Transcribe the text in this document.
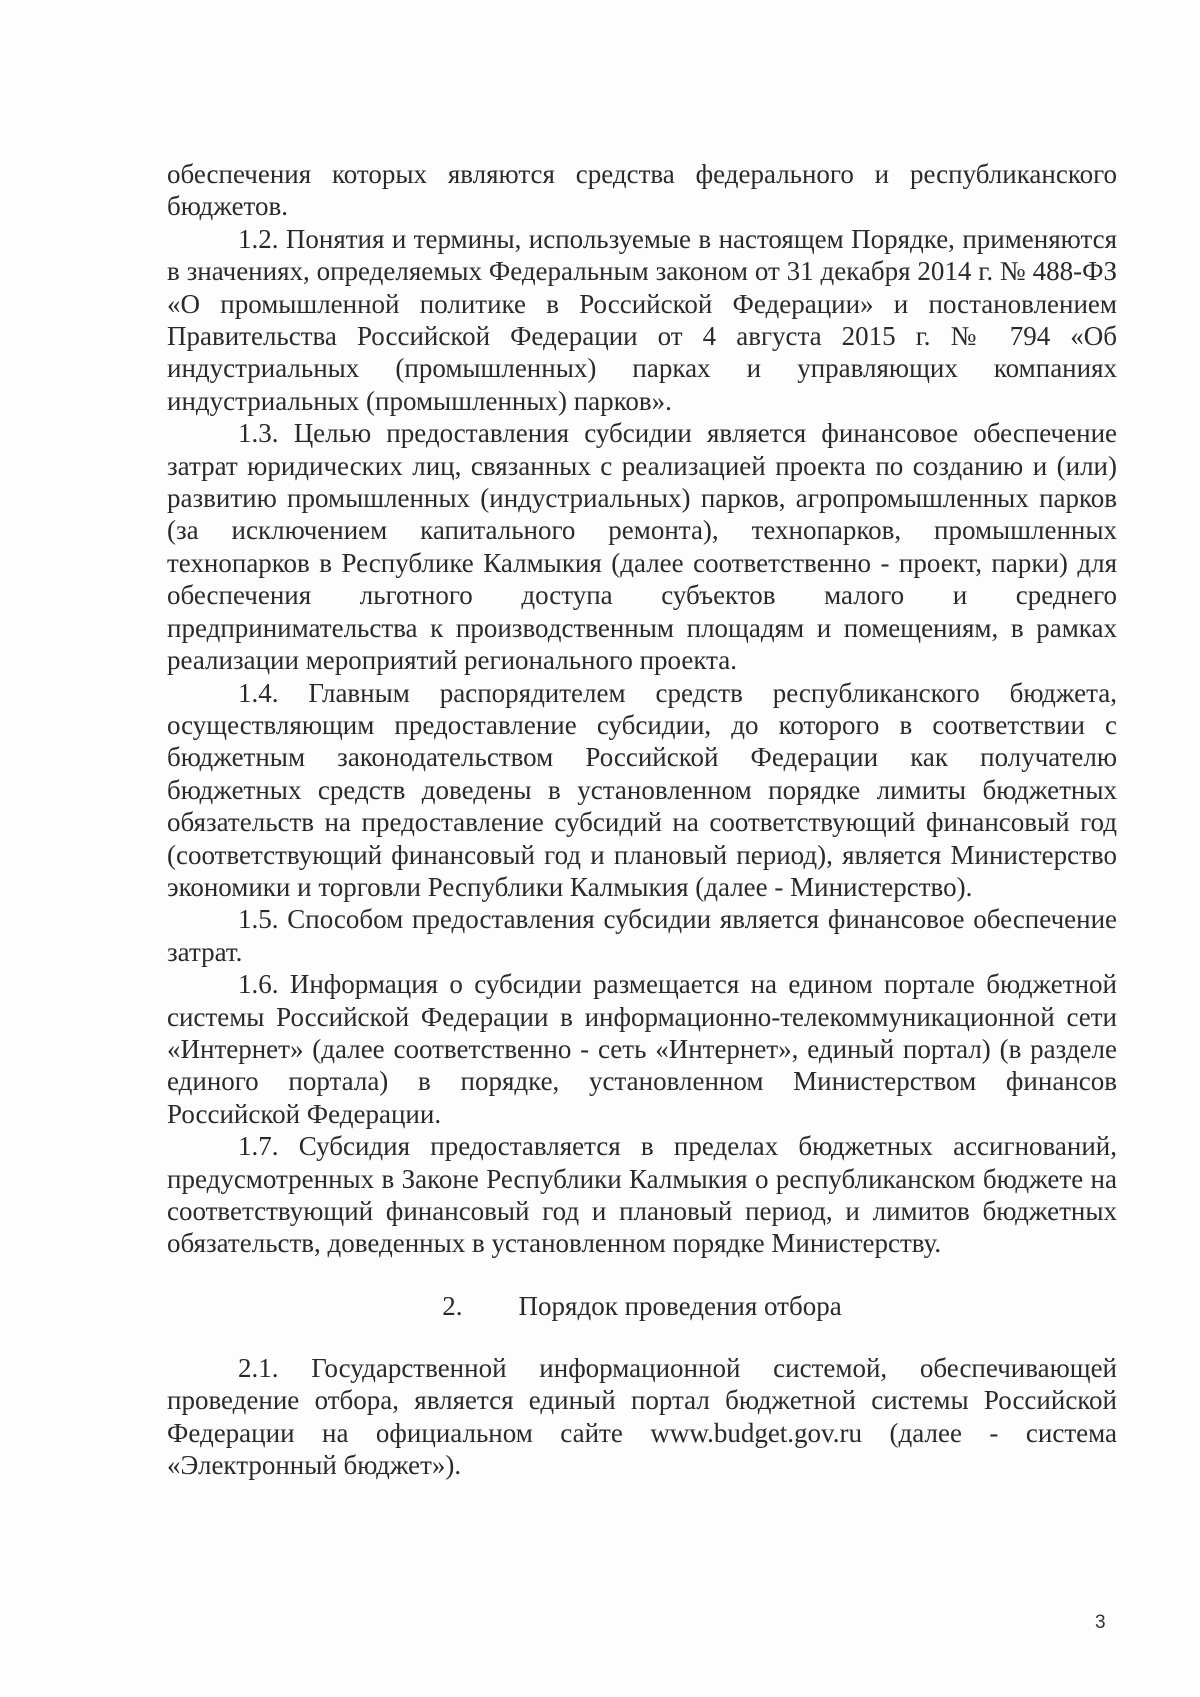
обеспечения которых являются средства федерального и республиканского бюджетов.

1.2. Понятия и термины, используемые в настоящем Порядке, применяются в значениях, определяемых Федеральным законом от 31 декабря 2014 г. № 488-ФЗ «О промышленной политике в Российской Федерации» и постановлением Правительства Российской Федерации от 4 августа 2015 г. № 794 «Об индустриальных (промышленных) парках и управляющих компаниях индустриальных (промышленных) парков».

1.3. Целью предоставления субсидии является финансовое обеспечение затрат юридических лиц, связанных с реализацией проекта по созданию и (или) развитию промышленных (индустриальных) парков, агропромышленных парков (за исключением капитального ремонта), технопарков, промышленных технопарков в Республике Калмыкия (далее соответственно - проект, парки) для обеспечения льготного доступа субъектов малого и среднего предпринимательства к производственным площадям и помещениям, в рамках реализации мероприятий регионального проекта.

1.4. Главным распорядителем средств республиканского бюджета, осуществляющим предоставление субсидии, до которого в соответствии с бюджетным законодательством Российской Федерации как получателю бюджетных средств доведены в установленном порядке лимиты бюджетных обязательств на предоставление субсидий на соответствующий финансовый год (соответствующий финансовый год и плановый период), является Министерство экономики и торговли Республики Калмыкия (далее - Министерство).

1.5. Способом предоставления субсидии является финансовое обеспечение затрат.

1.6. Информация о субсидии размещается на едином портале бюджетной системы Российской Федерации в информационно-телекоммуникационной сети «Интернет» (далее соответственно - сеть «Интернет», единый портал) (в разделе единого портала) в порядке, установленном Министерством финансов Российской Федерации.

1.7. Субсидия предоставляется в пределах бюджетных ассигнований, предусмотренных в Законе Республики Калмыкия о республиканском бюджете на соответствующий финансовый год и плановый период, и лимитов бюджетных обязательств, доведенных в установленном порядке Министерству.

2. Порядок проведения отбора

2.1. Государственной информационной системой, обеспечивающей проведение отбора, является единый портал бюджетной системы Российской Федерации на официальном сайте www.budget.gov.ru (далее - система «Электронный бюджет»).

3
